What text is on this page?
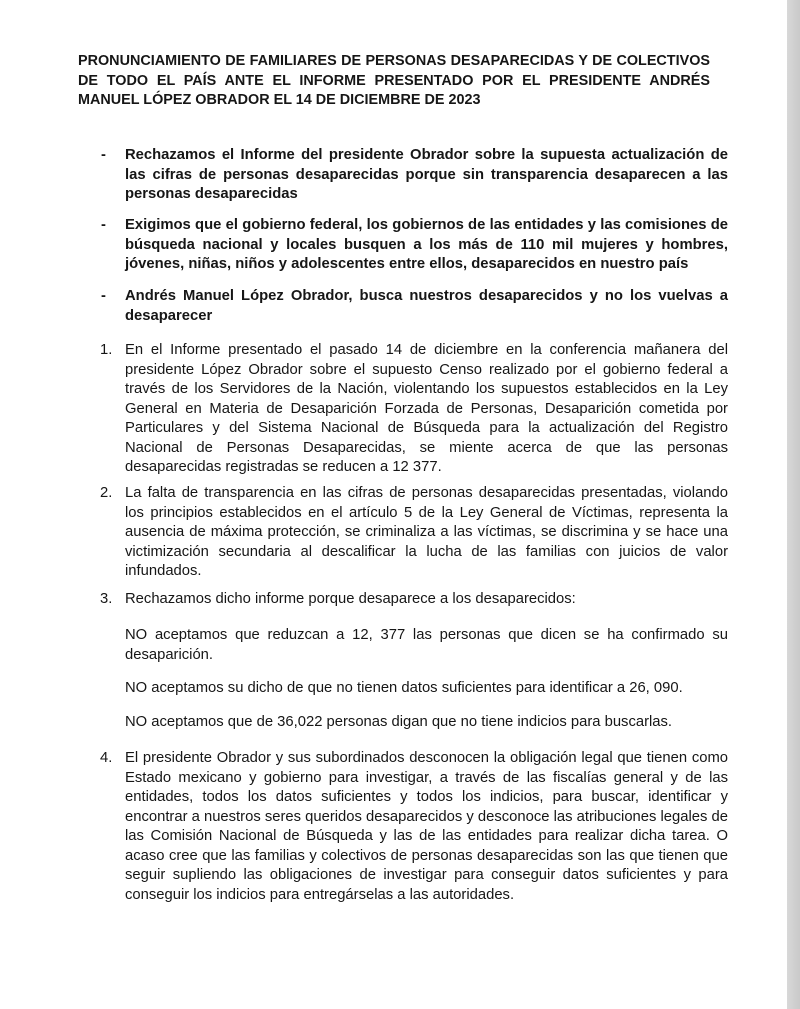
PRONUNCIAMIENTO DE FAMILIARES DE PERSONAS DESAPARECIDAS Y DE COLECTIVOS DE TODO EL PAÍS ANTE EL INFORME PRESENTADO POR EL PRESIDENTE ANDRÉS MANUEL LÓPEZ OBRADOR EL 14 DE DICIEMBRE DE 2023

-	Rechazamos el Informe del presidente Obrador sobre la supuesta actualización de las cifras de personas desaparecidas porque sin transparencia desaparecen a las personas desaparecidas
-	Exigimos que el gobierno federal, los gobiernos de las entidades y las comisiones de búsqueda nacional y locales busquen a los más de 110 mil mujeres y hombres, jóvenes, niñas, niños y adolescentes entre ellos, desaparecidos en nuestro país
-	Andrés Manuel López Obrador, busca nuestros desaparecidos y no los vuelvas a desaparecer
1. En el Informe presentado el pasado 14 de diciembre en la conferencia mañanera del presidente López Obrador sobre el supuesto Censo realizado por el gobierno federal a través de los Servidores de la Nación, violentando los supuestos establecidos en la Ley General en Materia de Desaparición Forzada de Personas, Desaparición cometida por Particulares y del Sistema Nacional de Búsqueda para la actualización del Registro Nacional de Personas Desaparecidas, se miente acerca de que las personas desaparecidas registradas se reducen a 12 377.
2. La falta de transparencia en las cifras de personas desaparecidas presentadas, violando los principios establecidos en el artículo 5 de la Ley General de Víctimas, representa la ausencia de máxima protección, se criminaliza a las víctimas, se discrimina y se hace una victimización secundaria al descalificar la lucha de las familias con juicios de valor infundados.
3. Rechazamos dicho informe porque desaparece a los desaparecidos:

NO aceptamos que reduzcan a 12, 377 las personas que dicen se ha confirmado su desaparición.

NO aceptamos su dicho de que no tienen datos suficientes para identificar a 26, 090.

NO aceptamos que de 36,022 personas digan que no tiene indicios para buscarlas.

4. El presidente Obrador y sus subordinados desconocen la obligación legal que tienen como Estado mexicano y gobierno para investigar, a través de las fiscalías general y de las entidades, todos los datos suficientes y todos los indicios, para buscar, identificar y encontrar a nuestros seres queridos desaparecidos y desconoce las atribuciones legales de las Comisión Nacional de Búsqueda y las de las entidades para realizar dicha tarea. O acaso cree que las familias y colectivos de personas desaparecidas son las que tienen que seguir supliendo las obligaciones de investigar para conseguir datos suficientes y para conseguir los indicios para entregárselas a las autoridades.
